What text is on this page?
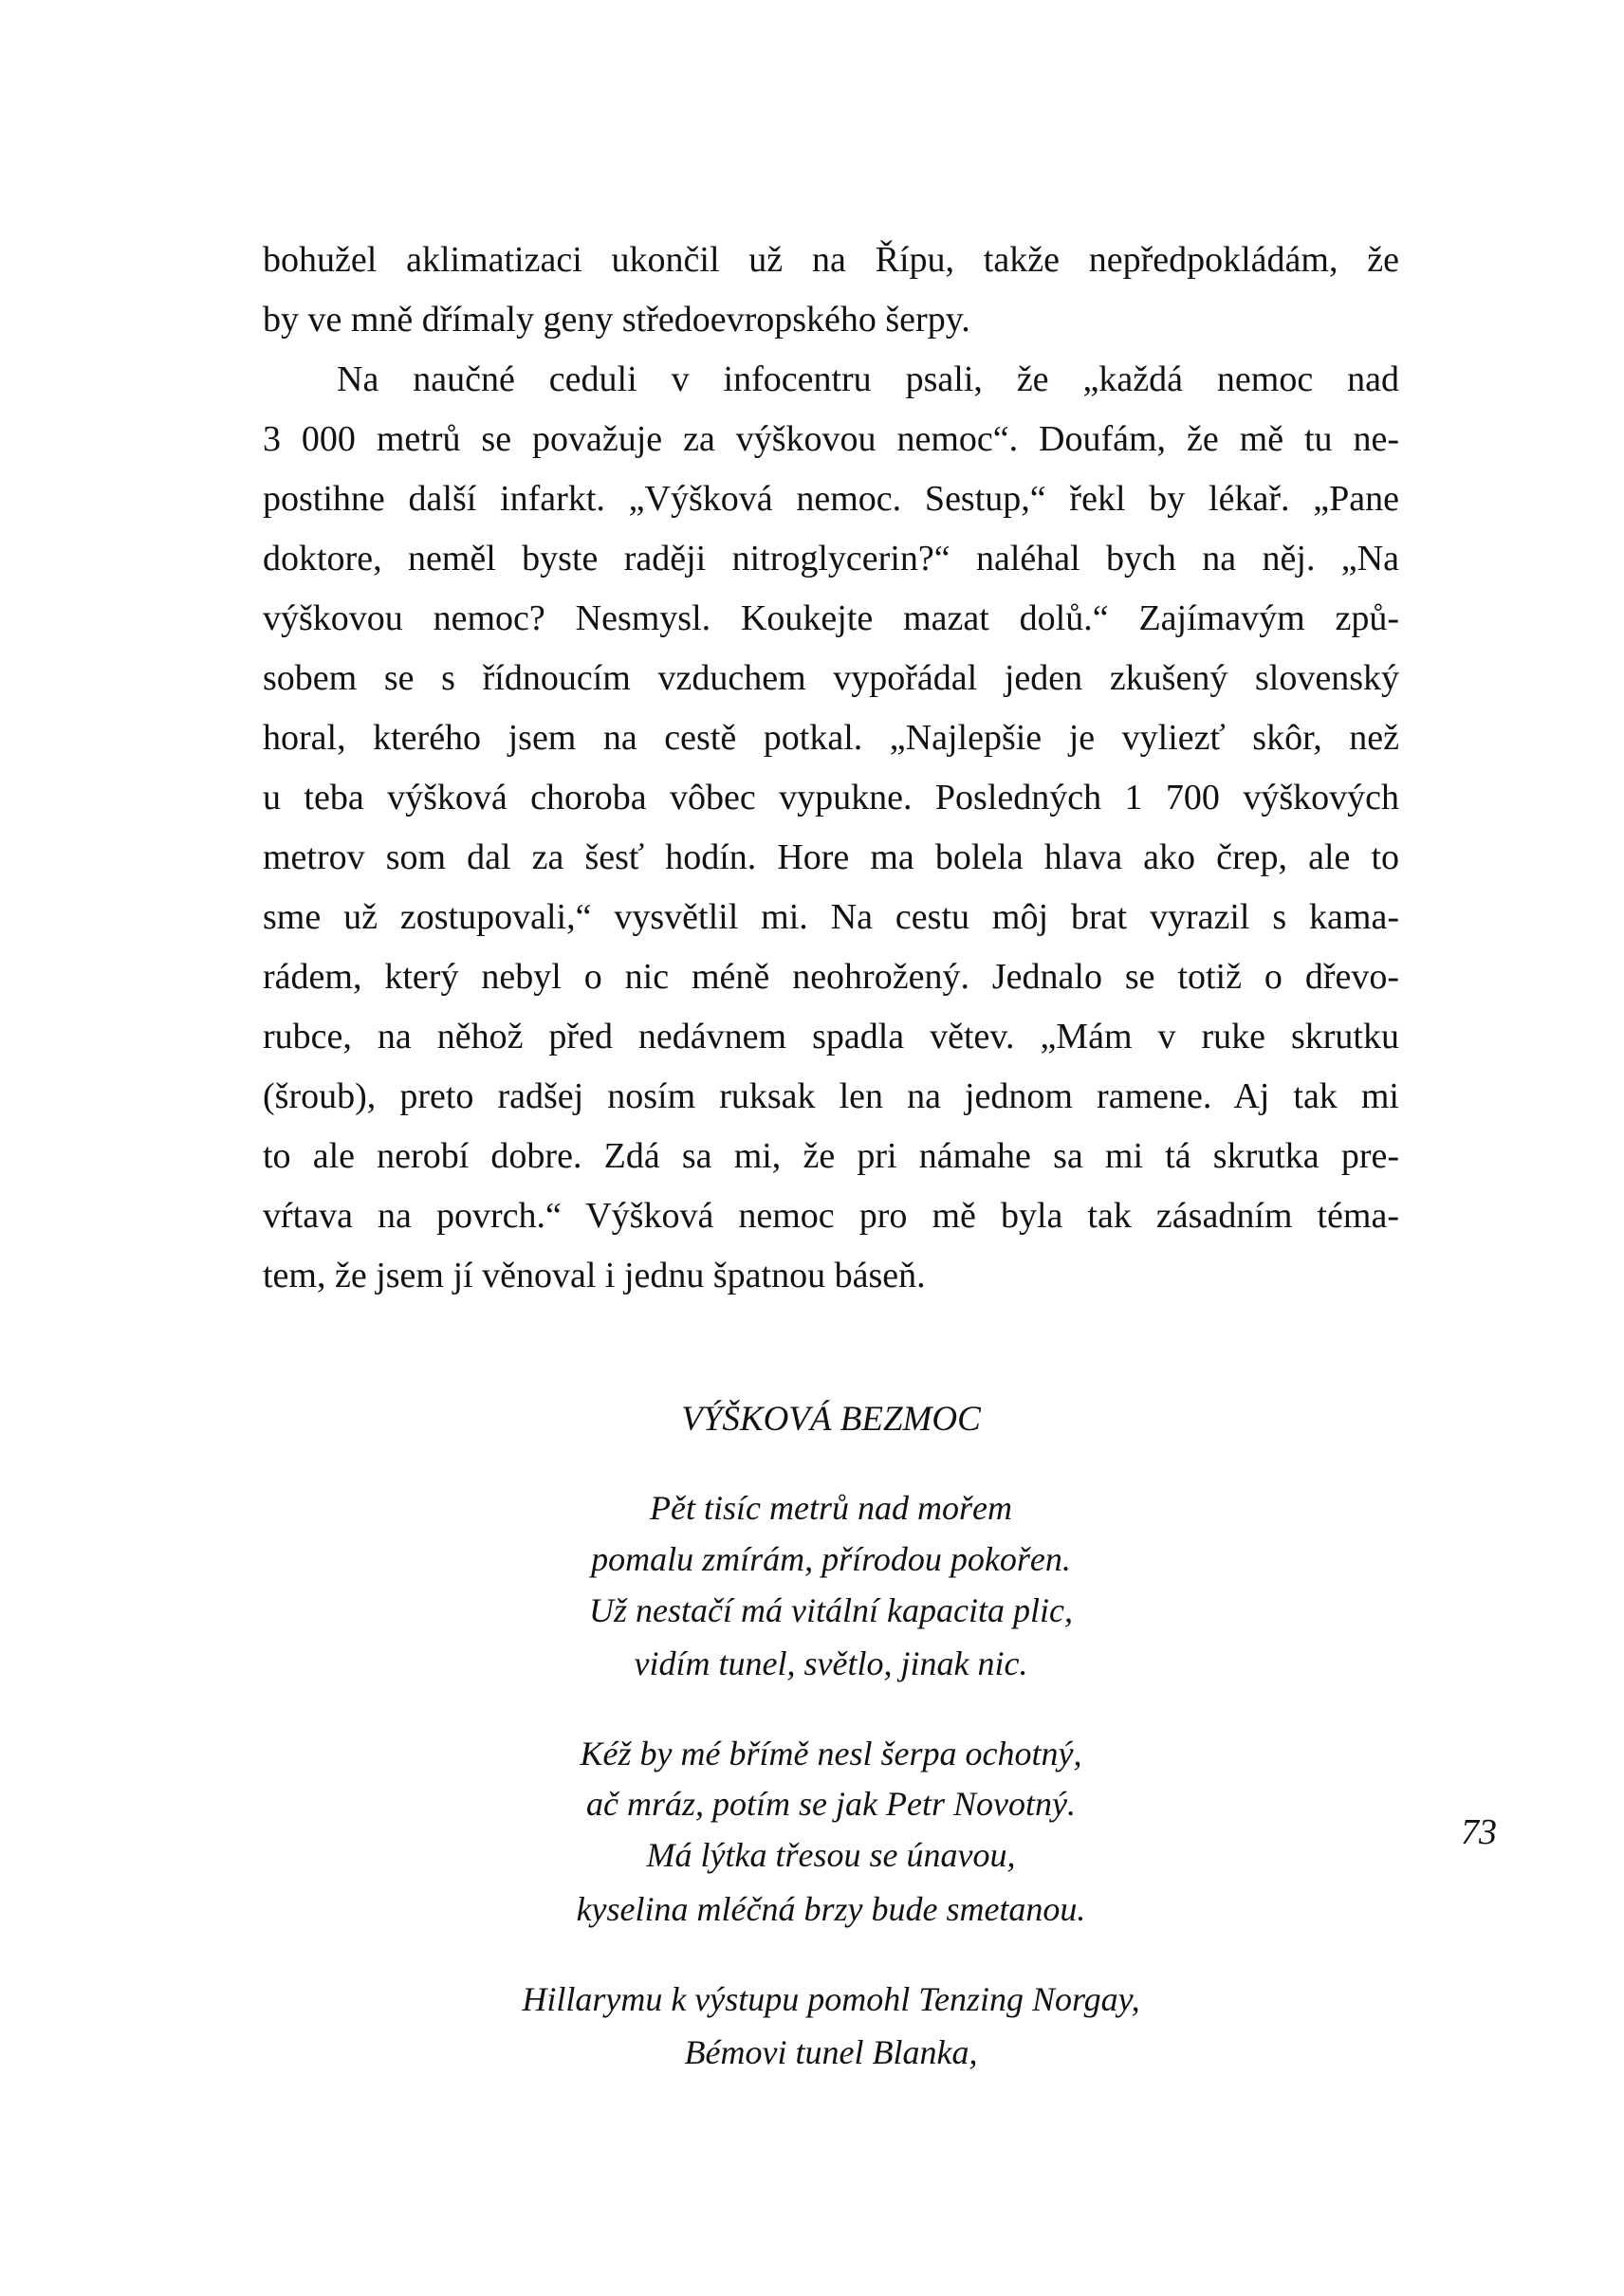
bohužel aklimatizaci ukončil už na Řípu, takže nepředpokládám, že
by ve mně dřímaly geny středoevropského šerpy.
Na naučné ceduli v infocentru psali, že „každá nemoc nad
3 000 metrů se považuje za výškovou nemoc“. Doufám, že mě tu ne-
postihne další infarkt. „Výšková nemoc. Sestup,“ řekl by lékař. „Pane
doktore, neměl byste raději nitroglycerin?“ naléhal bych na něj. „Na
výškovou nemoc? Nesmysl. Koukejte mazat dolů.“ Zajímavým způ-
sobem se s řídnoucím vzduchem vypořádal jeden zkušený slovenský
horal, kterého jsem na cestě potkal. „Najlepšie je vyliezť skôr, než
u teba výšková choroba vôbec vypukne. Posledných 1 700 výškových
metrov som dal za šesť hodín. Hore ma bolela hlava ako črep, ale to
sme už zostupovali,“ vysvětlil mi. Na cestu môj brat vyrazil s kama-
rádem, který nebyl o nic méně neohrožený. Jednalo se totiž o dřevo-
rubce, na něhož před nedávnem spadla větev. „Mám v ruke skrutku
(šroub), preto radšej nosím ruksak len na jednom ramene. Aj tak mi
to ale nerobí dobre. Zdá sa mi, že pri námahe sa mi tá skrutka pre-
vŕtava na povrch.“ Výšková nemoc pro mě byla tak zásadním téma-
tem, že jsem jí věnoval i jednu špatnou báseň.
VÝŠKOVÁ BEZMOC
Pět tisíc metrů nad mořem
pomalu zmírám, přírodou pokořen.
Už nestačí má vitální kapacita plic,
vidím tunel, světlo, jinak nic.
Kéž by mé břímě nesl šerpa ochotný,
ač mráz, potím se jak Petr Novotný.
Má lýtka třesou se únavou,
kyselina mléčná brzy bude smetanou.
Hillarymu k výstupu pomohl Tenzing Norgay,
Bémovi tunel Blanka,
73
